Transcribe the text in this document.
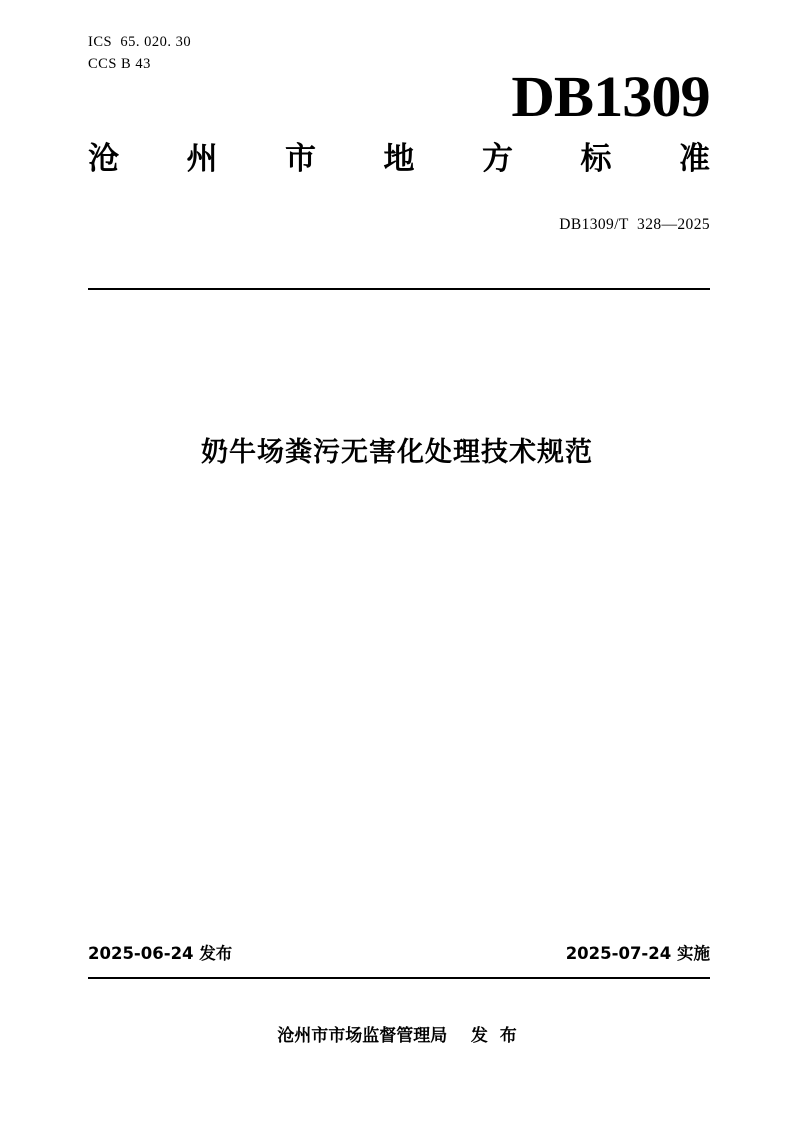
ICS  65. 020. 30
CCS B 43
DB1309
沧 州 市 地 方 标 准
DB1309/T  328—2025
奶牛场粪污无害化处理技术规范
2025-06-24 发布	2025-07-24 实施
沧州市市场监督管理局    发  布
